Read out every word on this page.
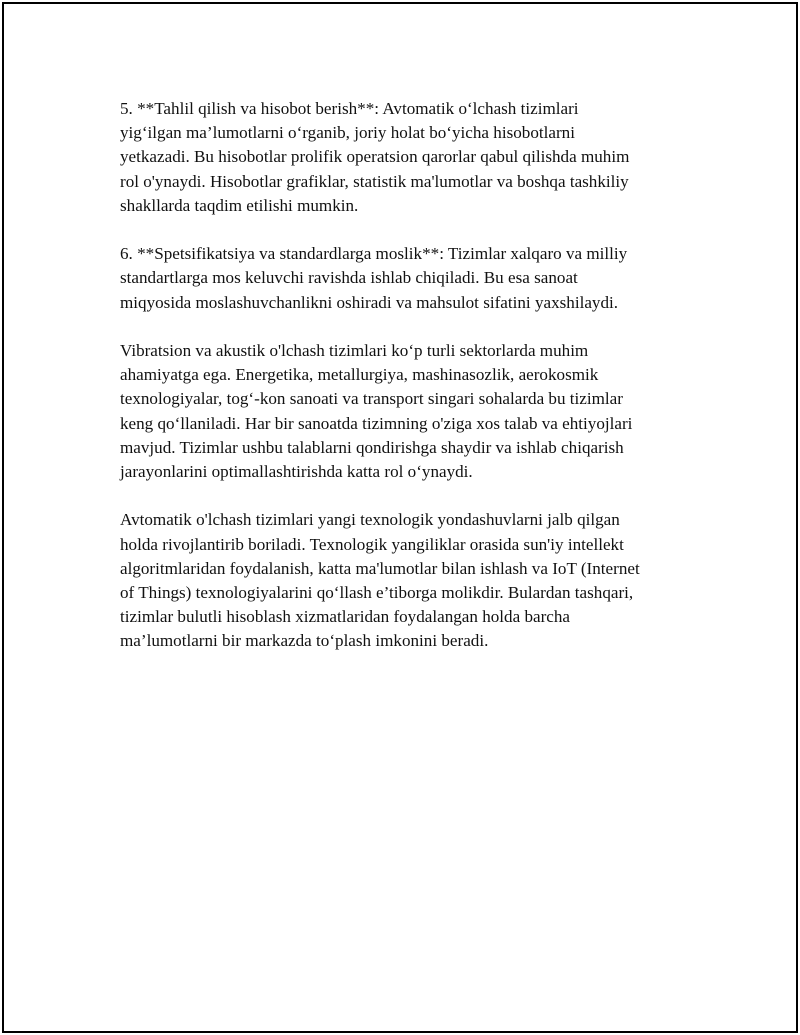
5. **Tahlil qilish va hisobot berish**: Avtomatik o‘lchash tizimlari
yig‘ilgan ma’lumotlarni o‘rganib, joriy holat bo‘yicha hisobotlarni
yetkazadi. Bu hisobotlar prolifik operatsion qarorlar qabul qilishda muhim
rol o'ynaydi. Hisobotlar grafiklar, statistik ma'lumotlar va boshqa tashkiliy
shakllarda taqdim etilishi mumkin.

6. **Spetsifikatsiya va standardlarga moslik**: Tizimlar xalqaro va milliy
standartlarga mos keluvchi ravishda ishlab chiqiladi. Bu esa sanoat
miqyosida moslashuvchanlikni oshiradi va mahsulot sifatini yaxshilaydi.

Vibratsion va akustik o'lchash tizimlari ko‘p turli sektorlarda muhim
ahamiyatga ega. Energetika, metallurgiya, mashinasozlik, aerokosmik
texnologiyalar, tog‘-kon sanoati va transport singari sohalarda bu tizimlar
keng qo‘llaniladi. Har bir sanoatda tizimning o'ziga xos talab va ehtiyojlari
mavjud. Tizimlar ushbu talablarni qondirishga shaydir va ishlab chiqarish
jarayonlarini optimallashtirishda katta rol o‘ynaydi.

Avtomatik o'lchash tizimlari yangi texnologik yondashuvlarni jalb qilgan
holda rivojlantirib boriladi. Texnologik yangiliklar orasida sun'iy intellekt
algoritmlaridan foydalanish, katta ma'lumotlar bilan ishlash va IoT (Internet
of Things) texnologiyalarini qo‘llash e’tiborga molikdir. Bulardan tashqari,
tizimlar bulutli hisoblash xizmatlaridan foydalangan holda barcha
ma’lumotlarni bir markazda to‘plash imkonini beradi.
